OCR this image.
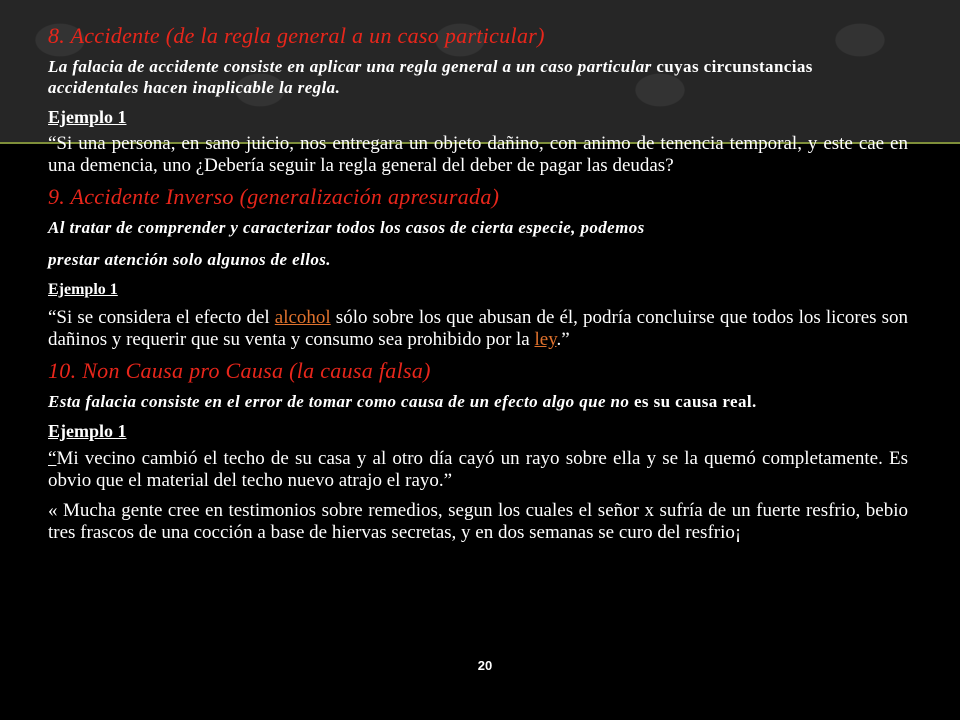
8. Accidente (de la regla general a un caso particular)

La falacia de accidente consiste en aplicar una regla general a un caso particular cuyas circunstancias accidentales hacen inaplicable la regla.

Ejemplo 1

“Si una persona, en sano juicio, nos entregara un objeto dañino, con animo de tenencia temporal, y este cae en una demencia, uno ¿Debería seguir la regla general del deber de pagar las deudas?

9. Accidente Inverso (generalización apresurada)

Al tratar de comprender y caracterizar todos los casos de cierta especie, podemos

prestar atención solo algunos de ellos.

Ejemplo 1

“Si se considera el efecto del alcohol sólo sobre los que abusan de él, podría concluirse que todos los licores son dañinos y requerir que su venta y consumo sea prohibido por la ley.”

10. Non Causa pro Causa (la causa falsa)

Esta falacia consiste en el error de tomar como causa de un efecto algo que no es su causa real.

Ejemplo 1

“Mi vecino cambió el techo de su casa y al otro día cayó un rayo sobre ella y se la quemó completamente. Es obvio que el material del techo nuevo atrajo el rayo.”

« Mucha gente cree en testimonios sobre remedios, segun los cuales el señor x sufría de un fuerte resfrio, bebio tres frascos de una cocción a base de hiervas secretas, y en dos semanas se curo del resfrio¡

20
